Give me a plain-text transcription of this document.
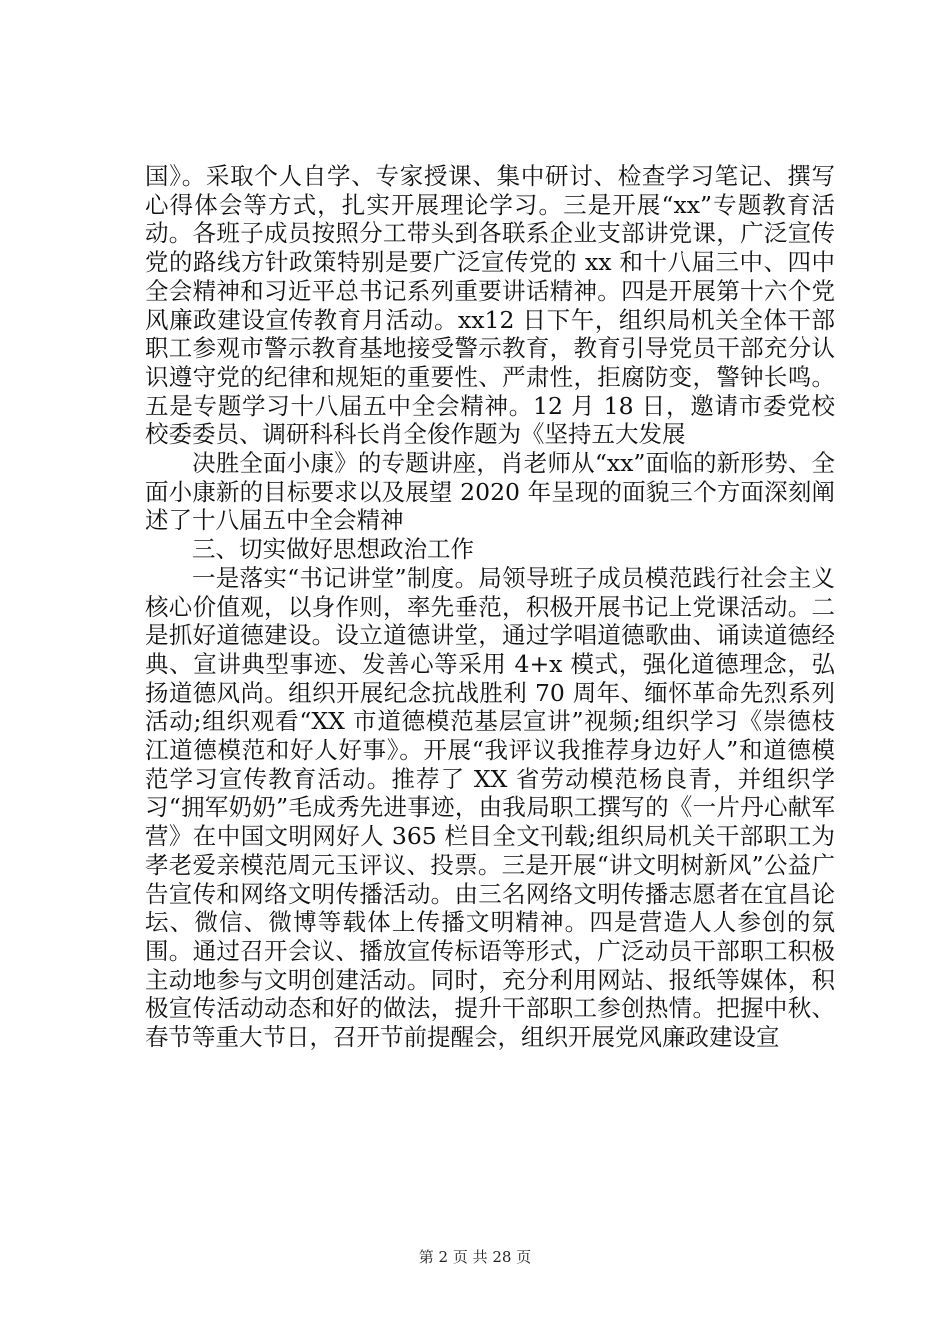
国》。采取个人自学、专家授课、集中研讨、检查学习笔记、撰写心得体会等方式，扎实开展理论学习。三是开展“xx”专题教育活动。各班子成员按照分工带头到各联系企业支部讲党课，广泛宣传党的路线方针政策特别是要广泛宣传党的 xx 和十八届三中、四中全会精神和习近平总书记系列重要讲话精神。四是开展第十六个党风廉政建设宣传教育月活动。xx12 日下午，组织局机关全体干部职工参观市警示教育基地接受警示教育，教育引导党员干部充分认识遵守党的纪律和规矩的重要性、严肃性，拒腐防变，警钟长鸣。五是专题学习十八届五中全会精神。12 月 18 日，邀请市委党校校委委员、调研科科长肖全俊作题为《坚持五大发展

决胜全面小康》的专题讲座，肖老师从“xx”面临的新形势、全面小康新的目标要求以及展望 2020 年呈现的面貌三个方面深刻阐述了十八届五中全会精神

三、切实做好思想政治工作

一是落实“书记讲堂”制度。局领导班子成员模范践行社会主义核心价值观，以身作则，率先垂范，积极开展书记上党课活动。二是抓好道德建设。设立道德讲堂，通过学唱道德歌曲、诵读道德经典、宣讲典型事迹、发善心等采用 4+x 模式，强化道德理念，弘扬道德风尚。组织开展纪念抗战胜利 70 周年、缅怀革命先烈系列活动;组织观看“XX 市道德模范基层宣讲”视频;组织学习《崇德枝江道德模范和好人好事》。开展“我评议我推荐身边好人”和道德模范学习宣传教育活动。推荐了 XX 省劳动模范杨良青，并组织学习“拥军奶奶”毛成秀先进事迹，由我局职工撰写的《一片丹心献军营》在中国文明网好人 365 栏目全文刊载;组织局机关干部职工为孝老爱亲模范周元玉评议、投票。三是开展“讲文明树新风”公益广告宣传和网络文明传播活动。由三名网络文明传播志愿者在宜昌论坛、微信、微博等载体上传播文明精神。四是营造人人参创的氛围。通过召开会议、播放宣传标语等形式，广泛动员干部职工积极主动地参与文明创建活动。同时，充分利用网站、报纸等媒体，积极宣传活动动态和好的做法，提升干部职工参创热情。把握中秋、春节等重大节日，召开节前提醒会，组织开展党风廉政建设宣

第 2 页 共 28 页
